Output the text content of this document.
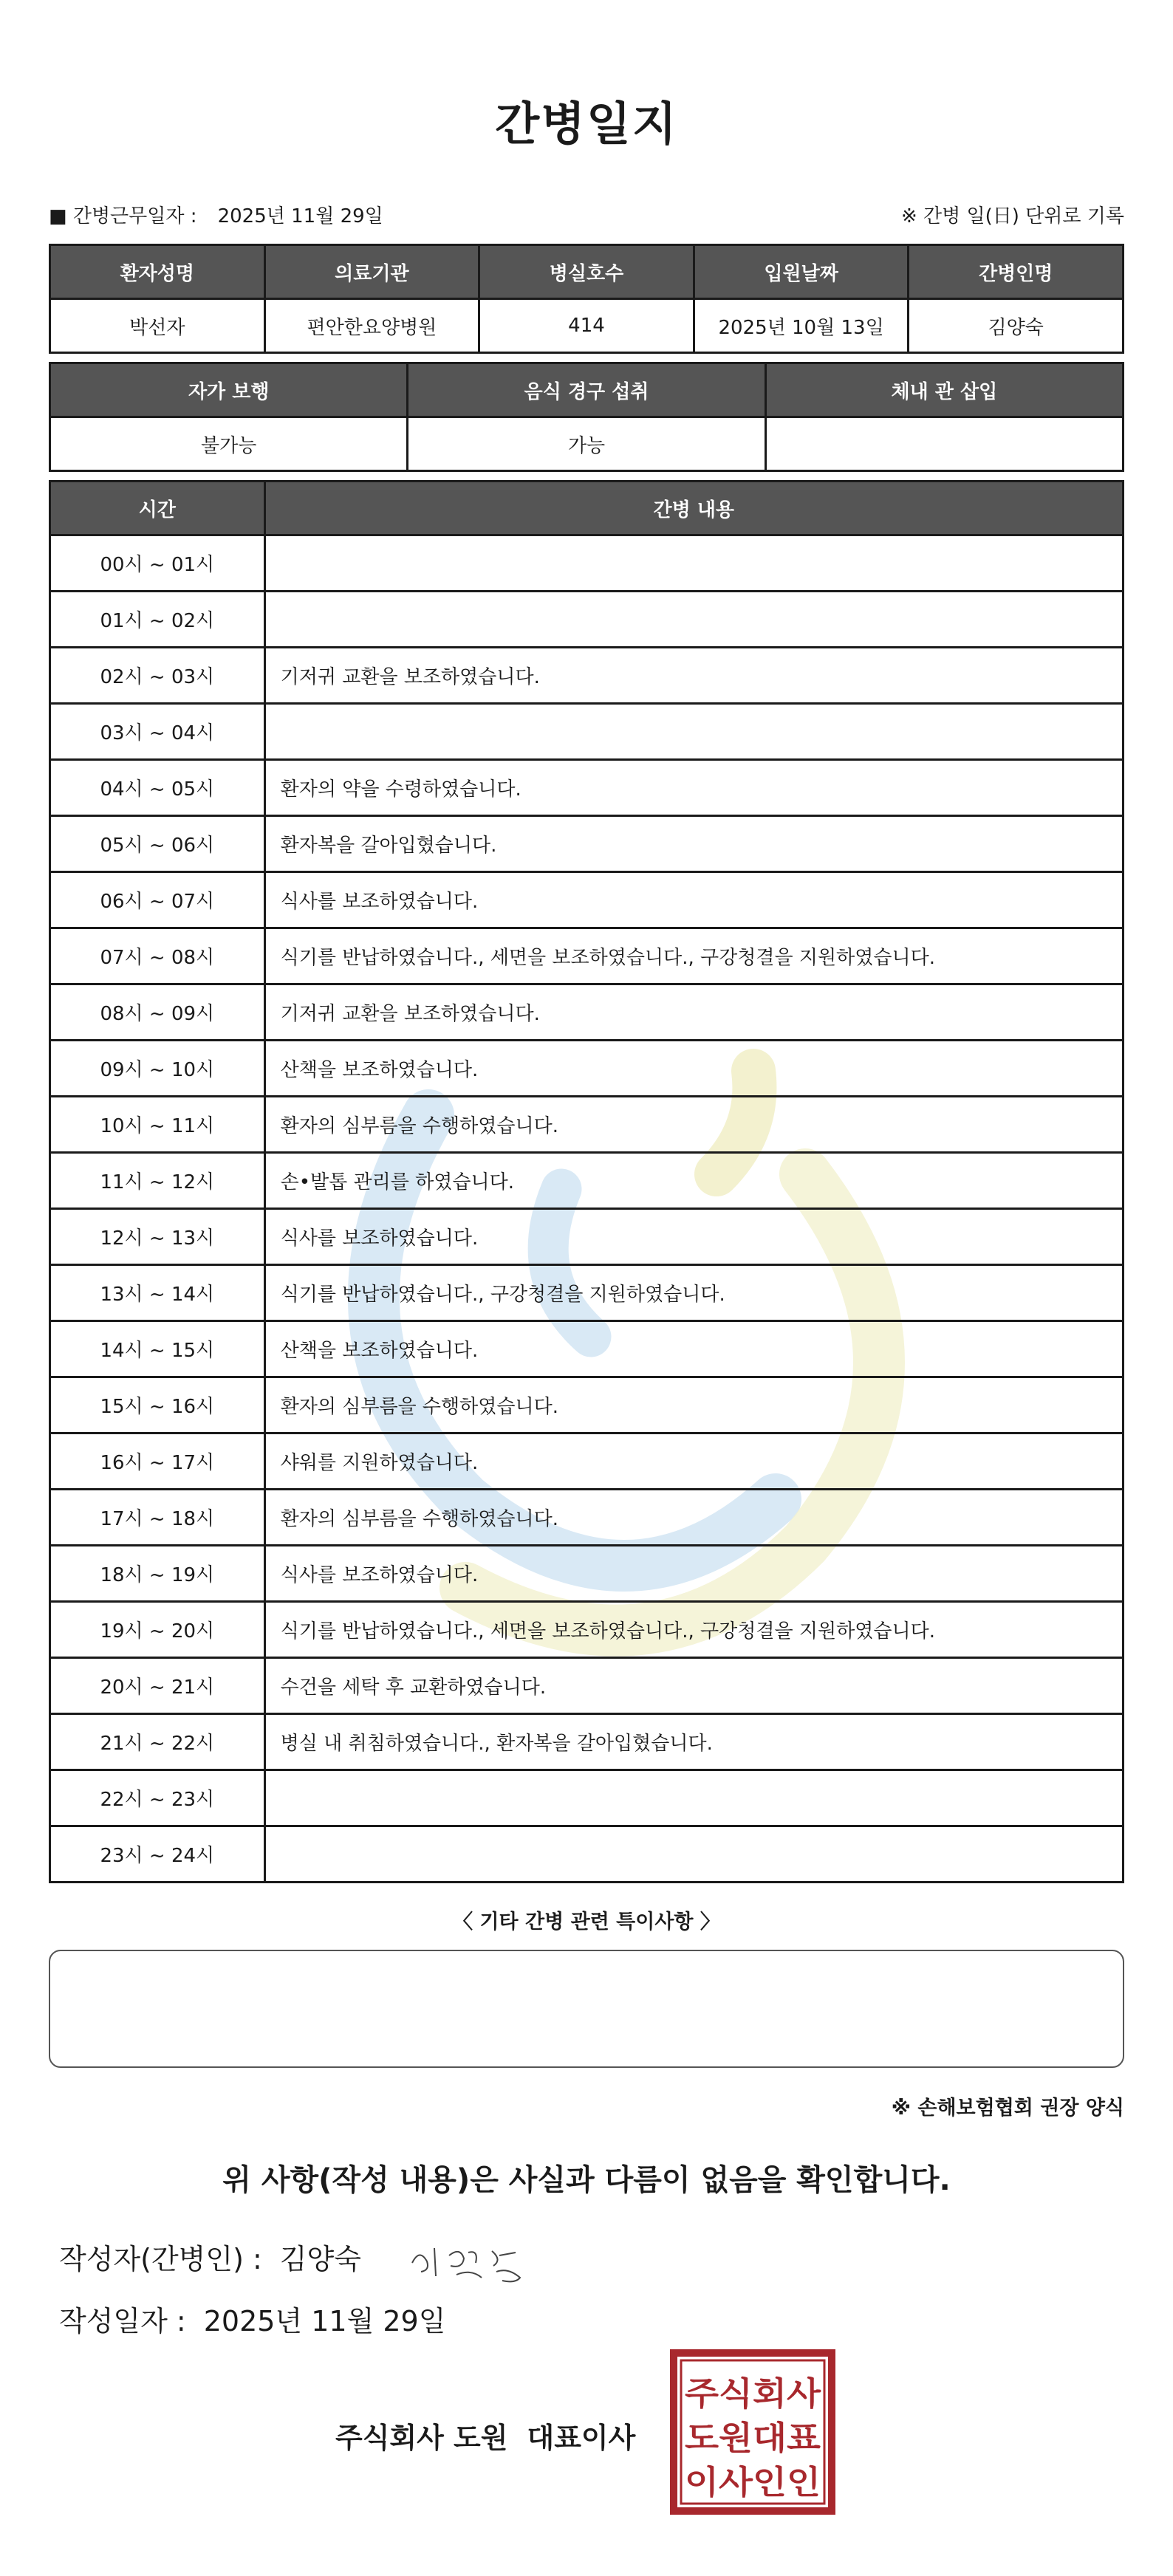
간병일지
■ 간병근무일자 : 2025년 11월 29일	※ 간병 일(日) 단위로 기록
환자성명	의료기관	병실호수	입원날짜	간병인명
박선자	편안한요양병원	414	2025년 10월 13일	김양숙
자가 보행	음식 경구 섭취	체내 관 삽입
불가능	가능	
시간	간병 내용
00시 ~ 01시	
01시 ~ 02시	
02시 ~ 03시	기저귀 교환을 보조하였습니다.
03시 ~ 04시	
04시 ~ 05시	환자의 약을 수령하였습니다.
05시 ~ 06시	환자복을 갈아입혔습니다.
06시 ~ 07시	식사를 보조하였습니다.
07시 ~ 08시	식기를 반납하였습니다., 세면을 보조하였습니다., 구강청결을 지원하였습니다.
08시 ~ 09시	기저귀 교환을 보조하였습니다.
09시 ~ 10시	산책을 보조하였습니다.
10시 ~ 11시	환자의 심부름을 수행하였습니다.
11시 ~ 12시	손•발톱 관리를 하였습니다.
12시 ~ 13시	식사를 보조하였습니다.
13시 ~ 14시	식기를 반납하였습니다., 구강청결을 지원하였습니다.
14시 ~ 15시	산책을 보조하였습니다.
15시 ~ 16시	환자의 심부름을 수행하였습니다.
16시 ~ 17시	샤워를 지원하였습니다.
17시 ~ 18시	환자의 심부름을 수행하였습니다.
18시 ~ 19시	식사를 보조하였습니다.
19시 ~ 20시	식기를 반납하였습니다., 세면을 보조하였습니다., 구강청결을 지원하였습니다.
20시 ~ 21시	수건을 세탁 후 교환하였습니다.
21시 ~ 22시	병실 내 취침하였습니다., 환자복을 갈아입혔습니다.
22시 ~ 23시	
23시 ~ 24시	
〈 기타 간병 관련 특이사항 〉
※ 손해보험협회 권장 양식
위 사항(작성 내용)은 사실과 다름이 없음을 확인합니다.
작성자(간병인) : 김양숙
작성일자 : 2025년 11월 29일
주식회사 도원 대표이사
주식회사
도원대표
이사인인
